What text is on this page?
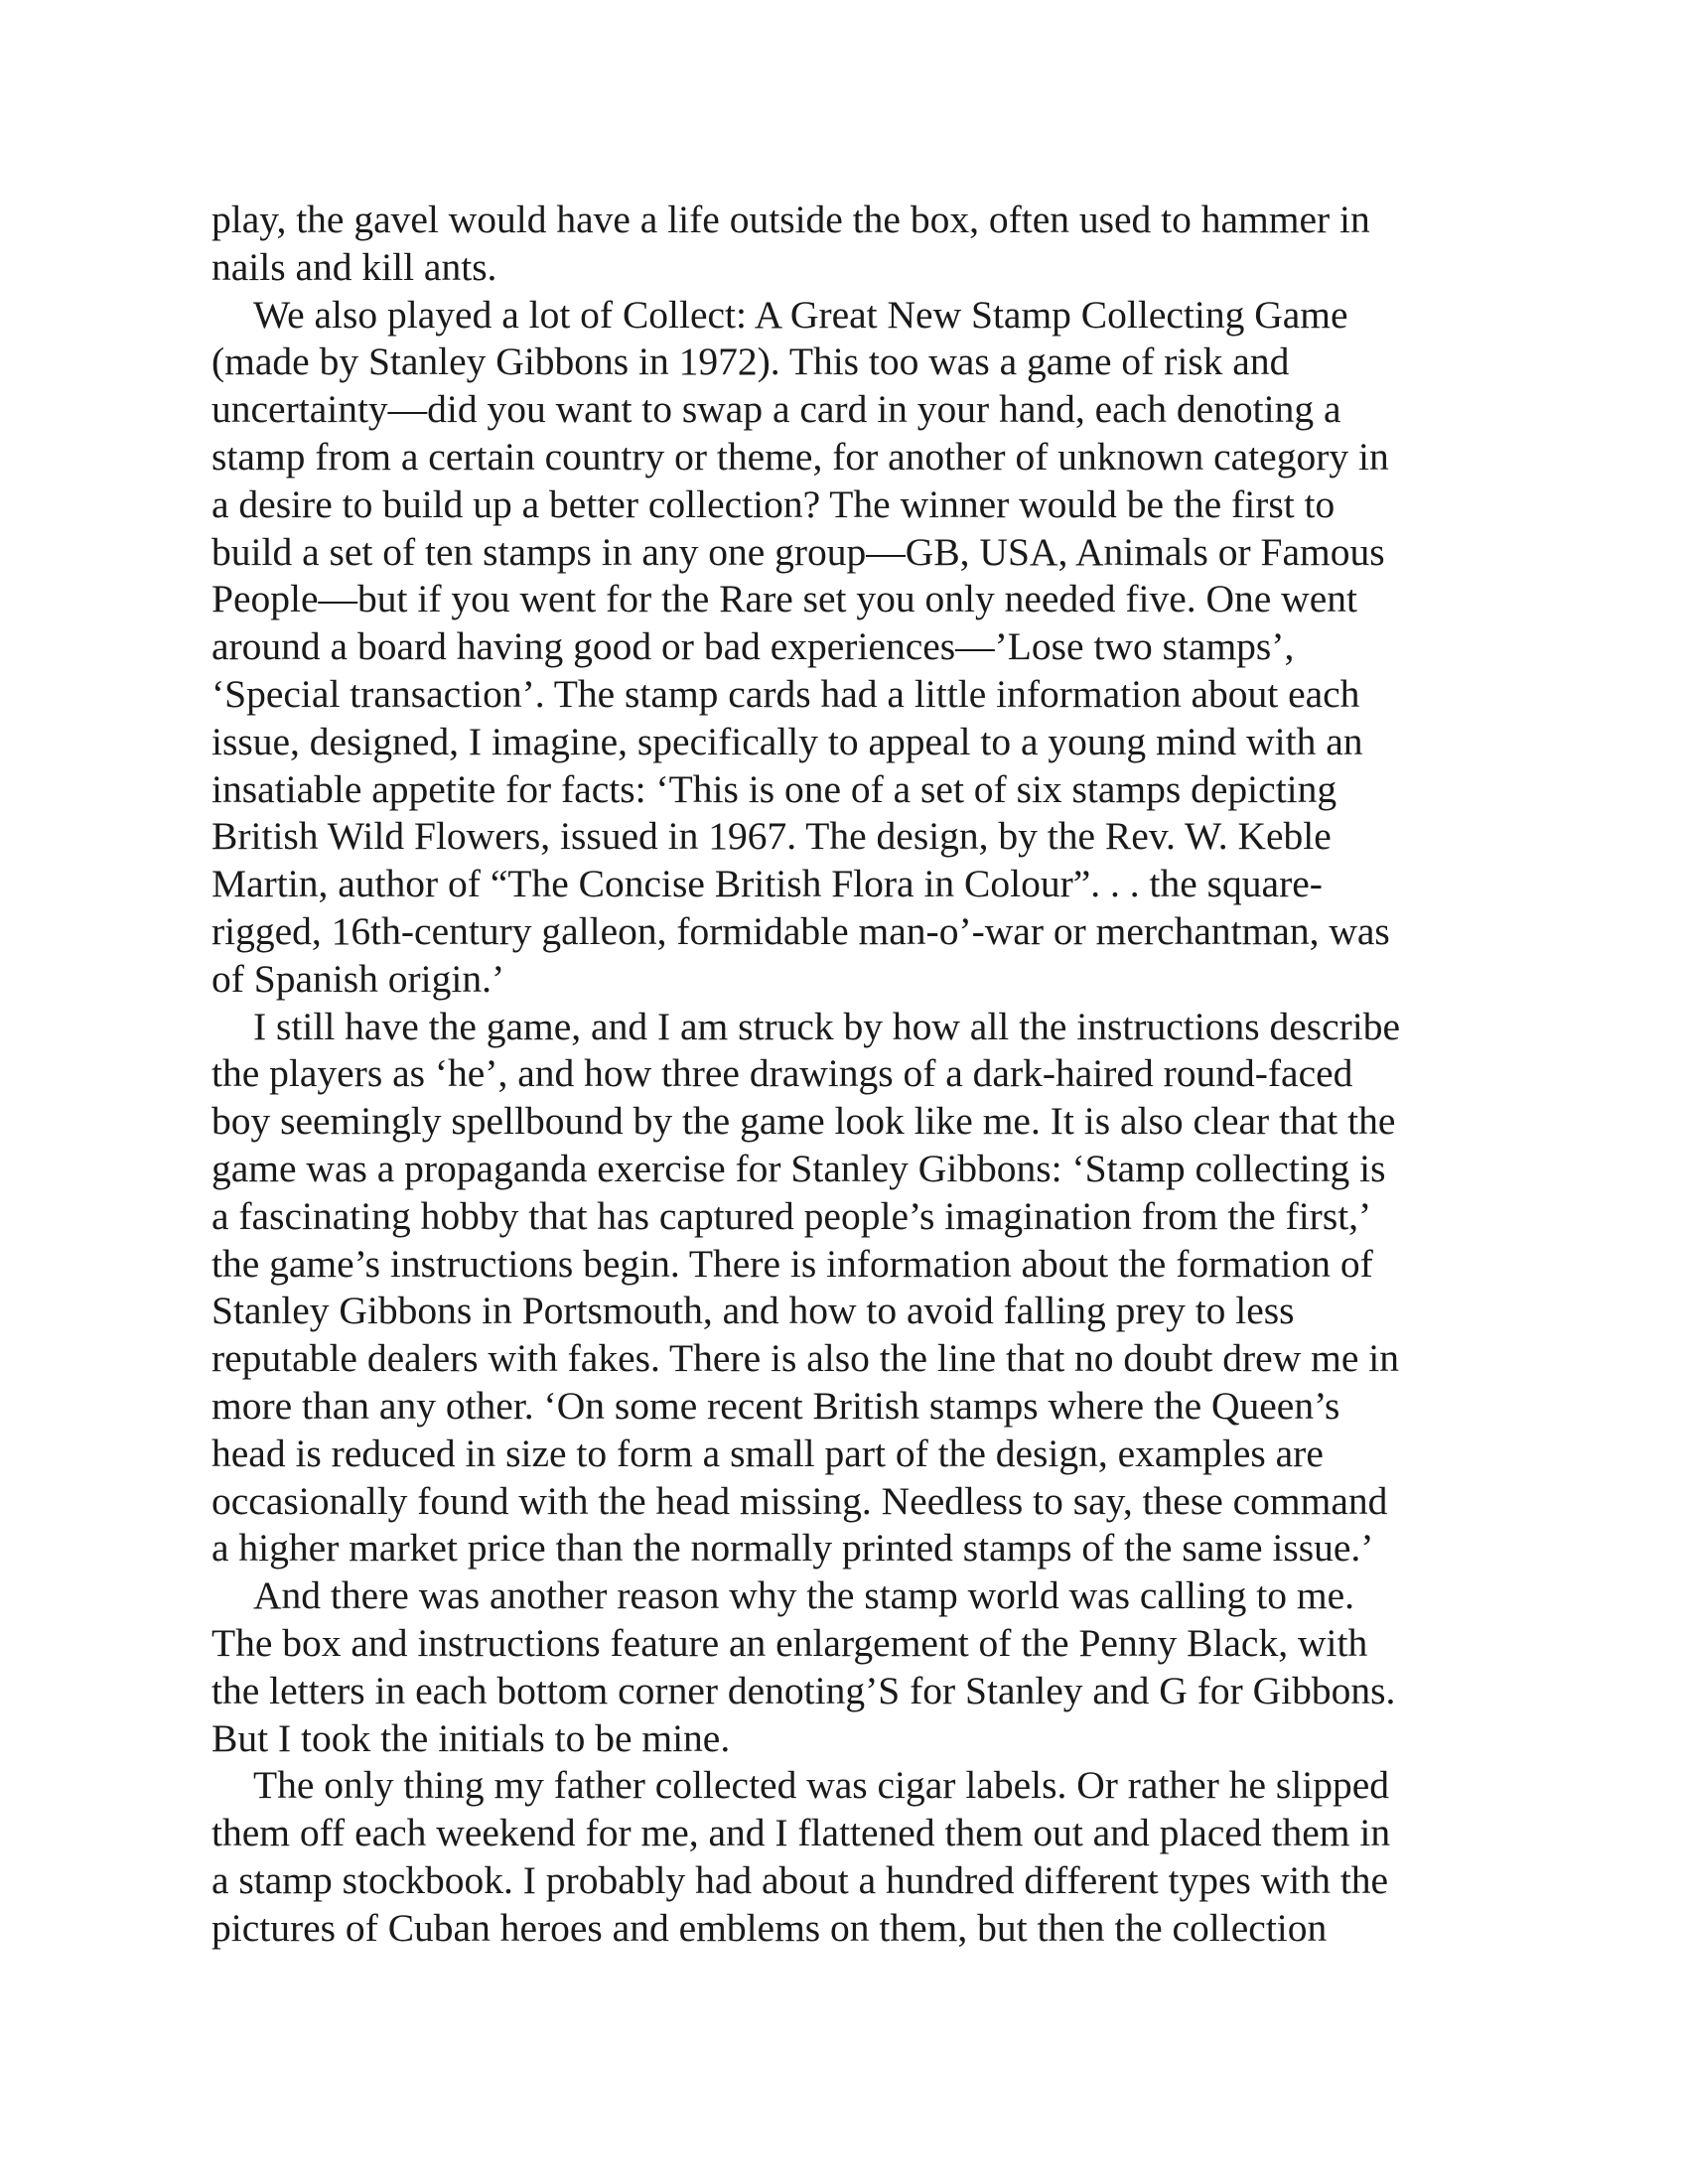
play, the gavel would have a life outside the box, often used to hammer in
nails and kill ants.
We also played a lot of Collect: A Great New Stamp Collecting Game
(made by Stanley Gibbons in 1972). This too was a game of risk and
uncertainty—did you want to swap a card in your hand, each denoting a
stamp from a certain country or theme, for another of unknown category in
a desire to build up a better collection? The winner would be the first to
build a set of ten stamps in any one group—GB, USA, Animals or Famous
People—but if you went for the Rare set you only needed five. One went
around a board having good or bad experiences—’Lose two stamps’,
‘Special transaction’. The stamp cards had a little information about each
issue, designed, I imagine, specifically to appeal to a young mind with an
insatiable appetite for facts: ‘This is one of a set of six stamps depicting
British Wild Flowers, issued in 1967. The design, by the Rev. W. Keble
Martin, author of “The Concise British Flora in Colour”. . . the square-
rigged, 16th-century galleon, formidable man-o’-war or merchantman, was
of Spanish origin.’
I still have the game, and I am struck by how all the instructions describe
the players as ‘he’, and how three drawings of a dark-haired round-faced
boy seemingly spellbound by the game look like me. It is also clear that the
game was a propaganda exercise for Stanley Gibbons: ‘Stamp collecting is
a fascinating hobby that has captured people’s imagination from the first,’
the game’s instructions begin. There is information about the formation of
Stanley Gibbons in Portsmouth, and how to avoid falling prey to less
reputable dealers with fakes. There is also the line that no doubt drew me in
more than any other. ‘On some recent British stamps where the Queen’s
head is reduced in size to form a small part of the design, examples are
occasionally found with the head missing. Needless to say, these command
a higher market price than the normally printed stamps of the same issue.’
And there was another reason why the stamp world was calling to me.
The box and instructions feature an enlargement of the Penny Black, with
the letters in each bottom corner denoting’S for Stanley and G for Gibbons.
But I took the initials to be mine.
The only thing my father collected was cigar labels. Or rather he slipped
them off each weekend for me, and I flattened them out and placed them in
a stamp stockbook. I probably had about a hundred different types with the
pictures of Cuban heroes and emblems on them, but then the collection
